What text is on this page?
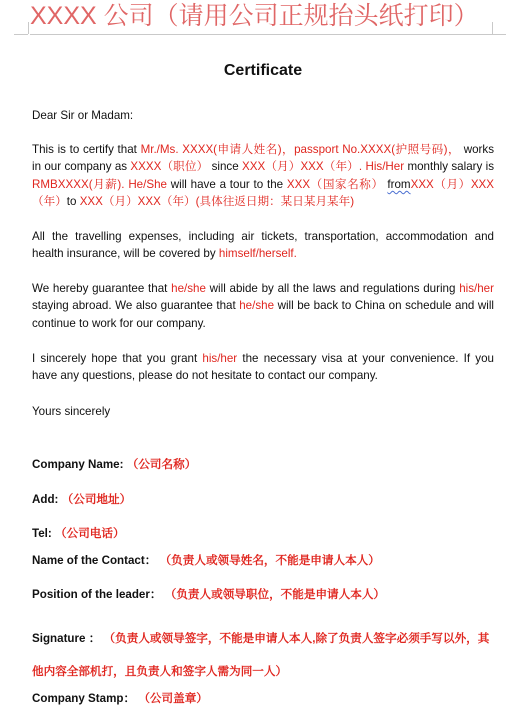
XXXX 公司（请用公司正规抬头纸打印）
Certificate
Dear Sir or Madam:
This is to certify that Mr./Ms. XXXX(申请人姓名)，passport No.XXXX(护照号码)， works in our company as XXXX（职位） since XXX（月）XXX（年）. His/Her monthly salary is RMBXXXX(月薪). He/She will have a tour to the XXX（国家名称） fromXXX（月）XXX（年）to XXX（月）XXX（年）(具体往返日期：某日某月某年)
All the travelling expenses, including air tickets, transportation, accommodation and health insurance, will be covered by himself/herself.
We hereby guarantee that he/she will abide by all the laws and regulations during his/her staying abroad. We also guarantee that he/she will be back to China on schedule and will continue to work for our company.
I sincerely hope that you grant his/her the necessary visa at your convenience. If you have any questions, please do not hesitate to contact our company.
Yours sincerely
Company Name: （公司名称）
Add: （公司地址）
Tel: （公司电话）
Name of the Contact： （负责人或领导姓名，不能是申请人本人）
Position of the leader： （负责人或领导职位，不能是申请人本人）
Signature ： （负责人或领导签字，不能是申请人本人,除了负责人签字必须手写以外，其他内容全部机打，且负责人和签字人需为同一人）
Company Stamp： （公司盖章）
